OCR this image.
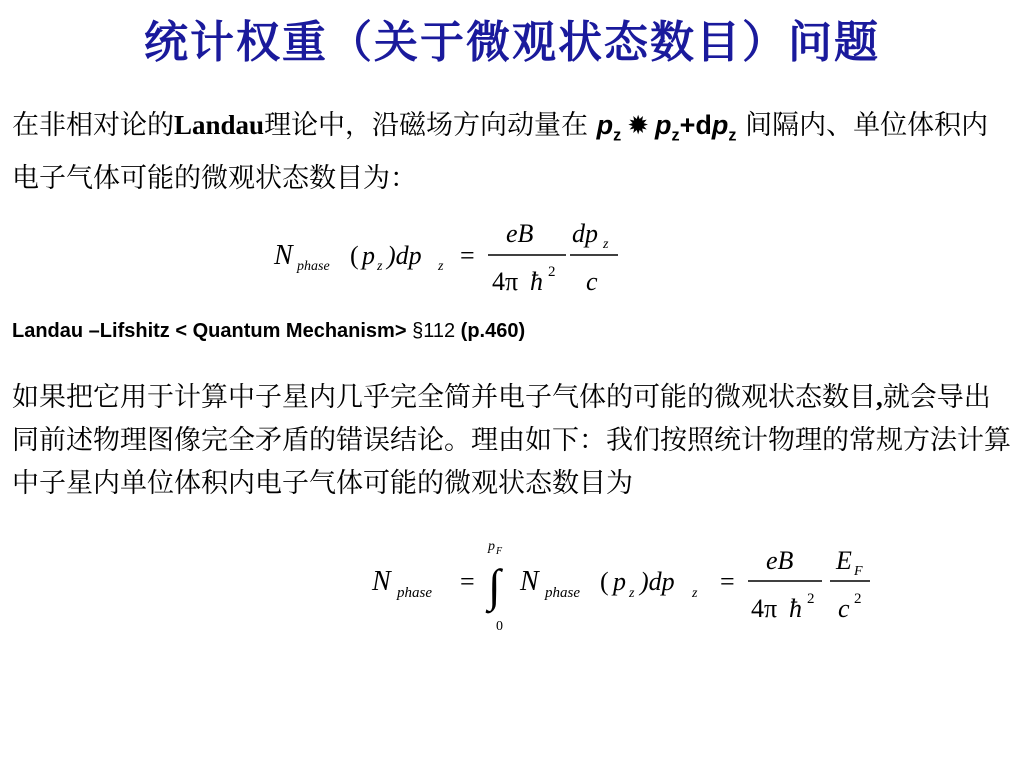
统计权重（关于微观状态数目）问题
在非相对论的Landau理论中，沿磁场方向动量在 $p_z$ ✹ $p_z+dp_z$ 间隔内、单位体积内电子气体可能的微观状态数目为：
N phase ( p z )dp z =
eB
4π ħ 2
dp z
c
Landau –Lifshitz < Quantum Mechanism> §112 (p.460)
如果把它用于计算中子星内几乎完全简并电子气体的可能的微观状态数目,就会导出同前述物理图像完全矛盾的错误结论。理由如下：我们按照统计物理的常规方法计算中子星内单位体积内电子气体可能的微观状态数目为
N phase =
p F
∫
0
N phase ( p z )dp z =
eB
4π ħ 2
E F
c 2
